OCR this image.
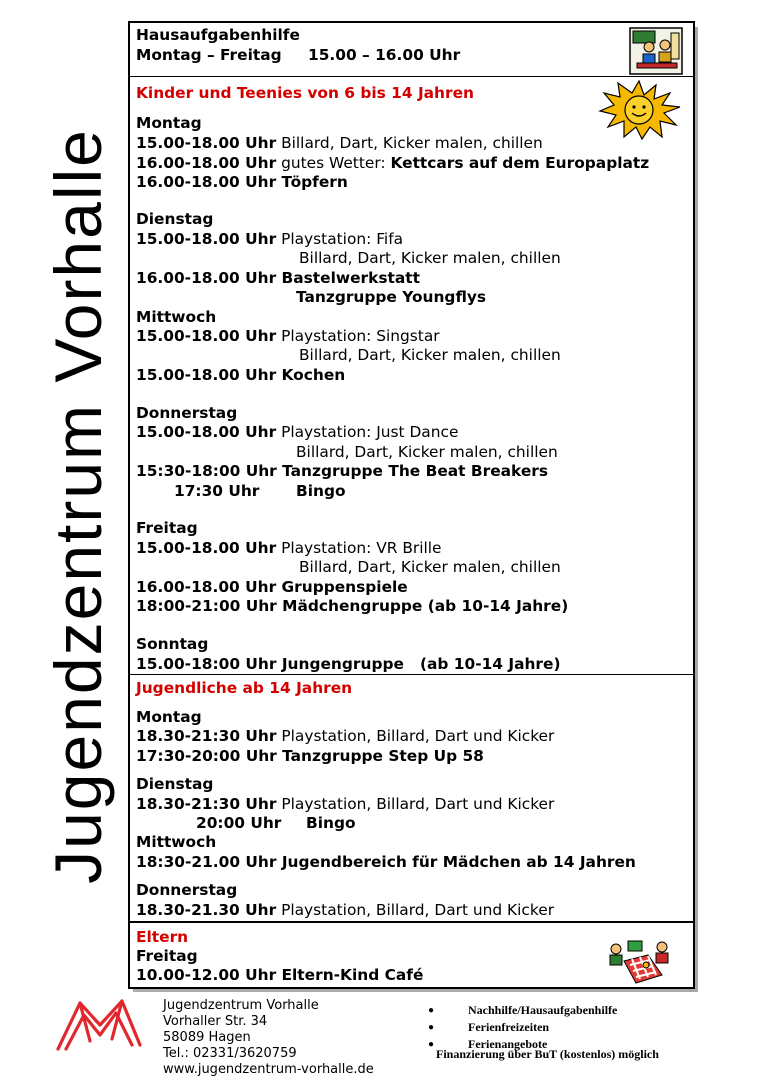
Jugendzentrum Vorhalle
Hausaufgabenhilfe
Montag – Freitag 15.00 – 16.00 Uhr
Kinder und Teenies von 6 bis 14 Jahren
Montag
15.00-18.00 Uhr Billard, Dart, Kicker malen, chillen
16.00-18.00 Uhr gutes Wetter: Kettcars auf dem Europaplatz
16.00-18.00 Uhr Töpfern
Dienstag
15.00-18.00 Uhr Playstation: Fifa
Billard, Dart, Kicker malen, chillen
16.00-18.00 Uhr Bastelwerkstatt
Tanzgruppe Youngflys
Mittwoch
15.00-18.00 Uhr Playstation: Singstar
Billard, Dart, Kicker malen, chillen
15.00-18.00 Uhr Kochen
Donnerstag
15.00-18.00 Uhr Playstation: Just Dance
Billard, Dart, Kicker malen, chillen
15:30-18:00 Uhr Tanzgruppe The Beat Breakers
17:30 Uhr Bingo
Freitag
15.00-18.00 Uhr Playstation: VR Brille
Billard, Dart, Kicker malen, chillen
16.00-18.00 Uhr Gruppenspiele
18:00-21:00 Uhr Mädchengruppe (ab 10-14 Jahre)
Sonntag
15.00-18:00 Uhr Jungengruppe   (ab 10-14 Jahre)
Jugendliche ab 14 Jahren
Montag
18.30-21:30 Uhr Playstation, Billard, Dart und Kicker
17:30-20:00 Uhr Tanzgruppe Step Up 58
Dienstag
18.30-21:30 Uhr Playstation, Billard, Dart und Kicker
20:00 Uhr Bingo
Mittwoch
18:30-21.00 Uhr Jugendbereich für Mädchen ab 14 Jahren
Donnerstag
18.30-21.30 Uhr Playstation, Billard, Dart und Kicker
Eltern
Freitag
10.00-12.00 Uhr Eltern-Kind Café
Jugendzentrum Vorhalle
Vorhaller Str. 34
58089 Hagen
Tel.: 02331/3620759
www.jugendzentrum-vorhalle.de
●	Nachhilfe/Hausaufgabenhilfe
●	Ferienfreizeiten
●	Ferienangebote
Finanzierung über BuT (kostenlos) möglich
